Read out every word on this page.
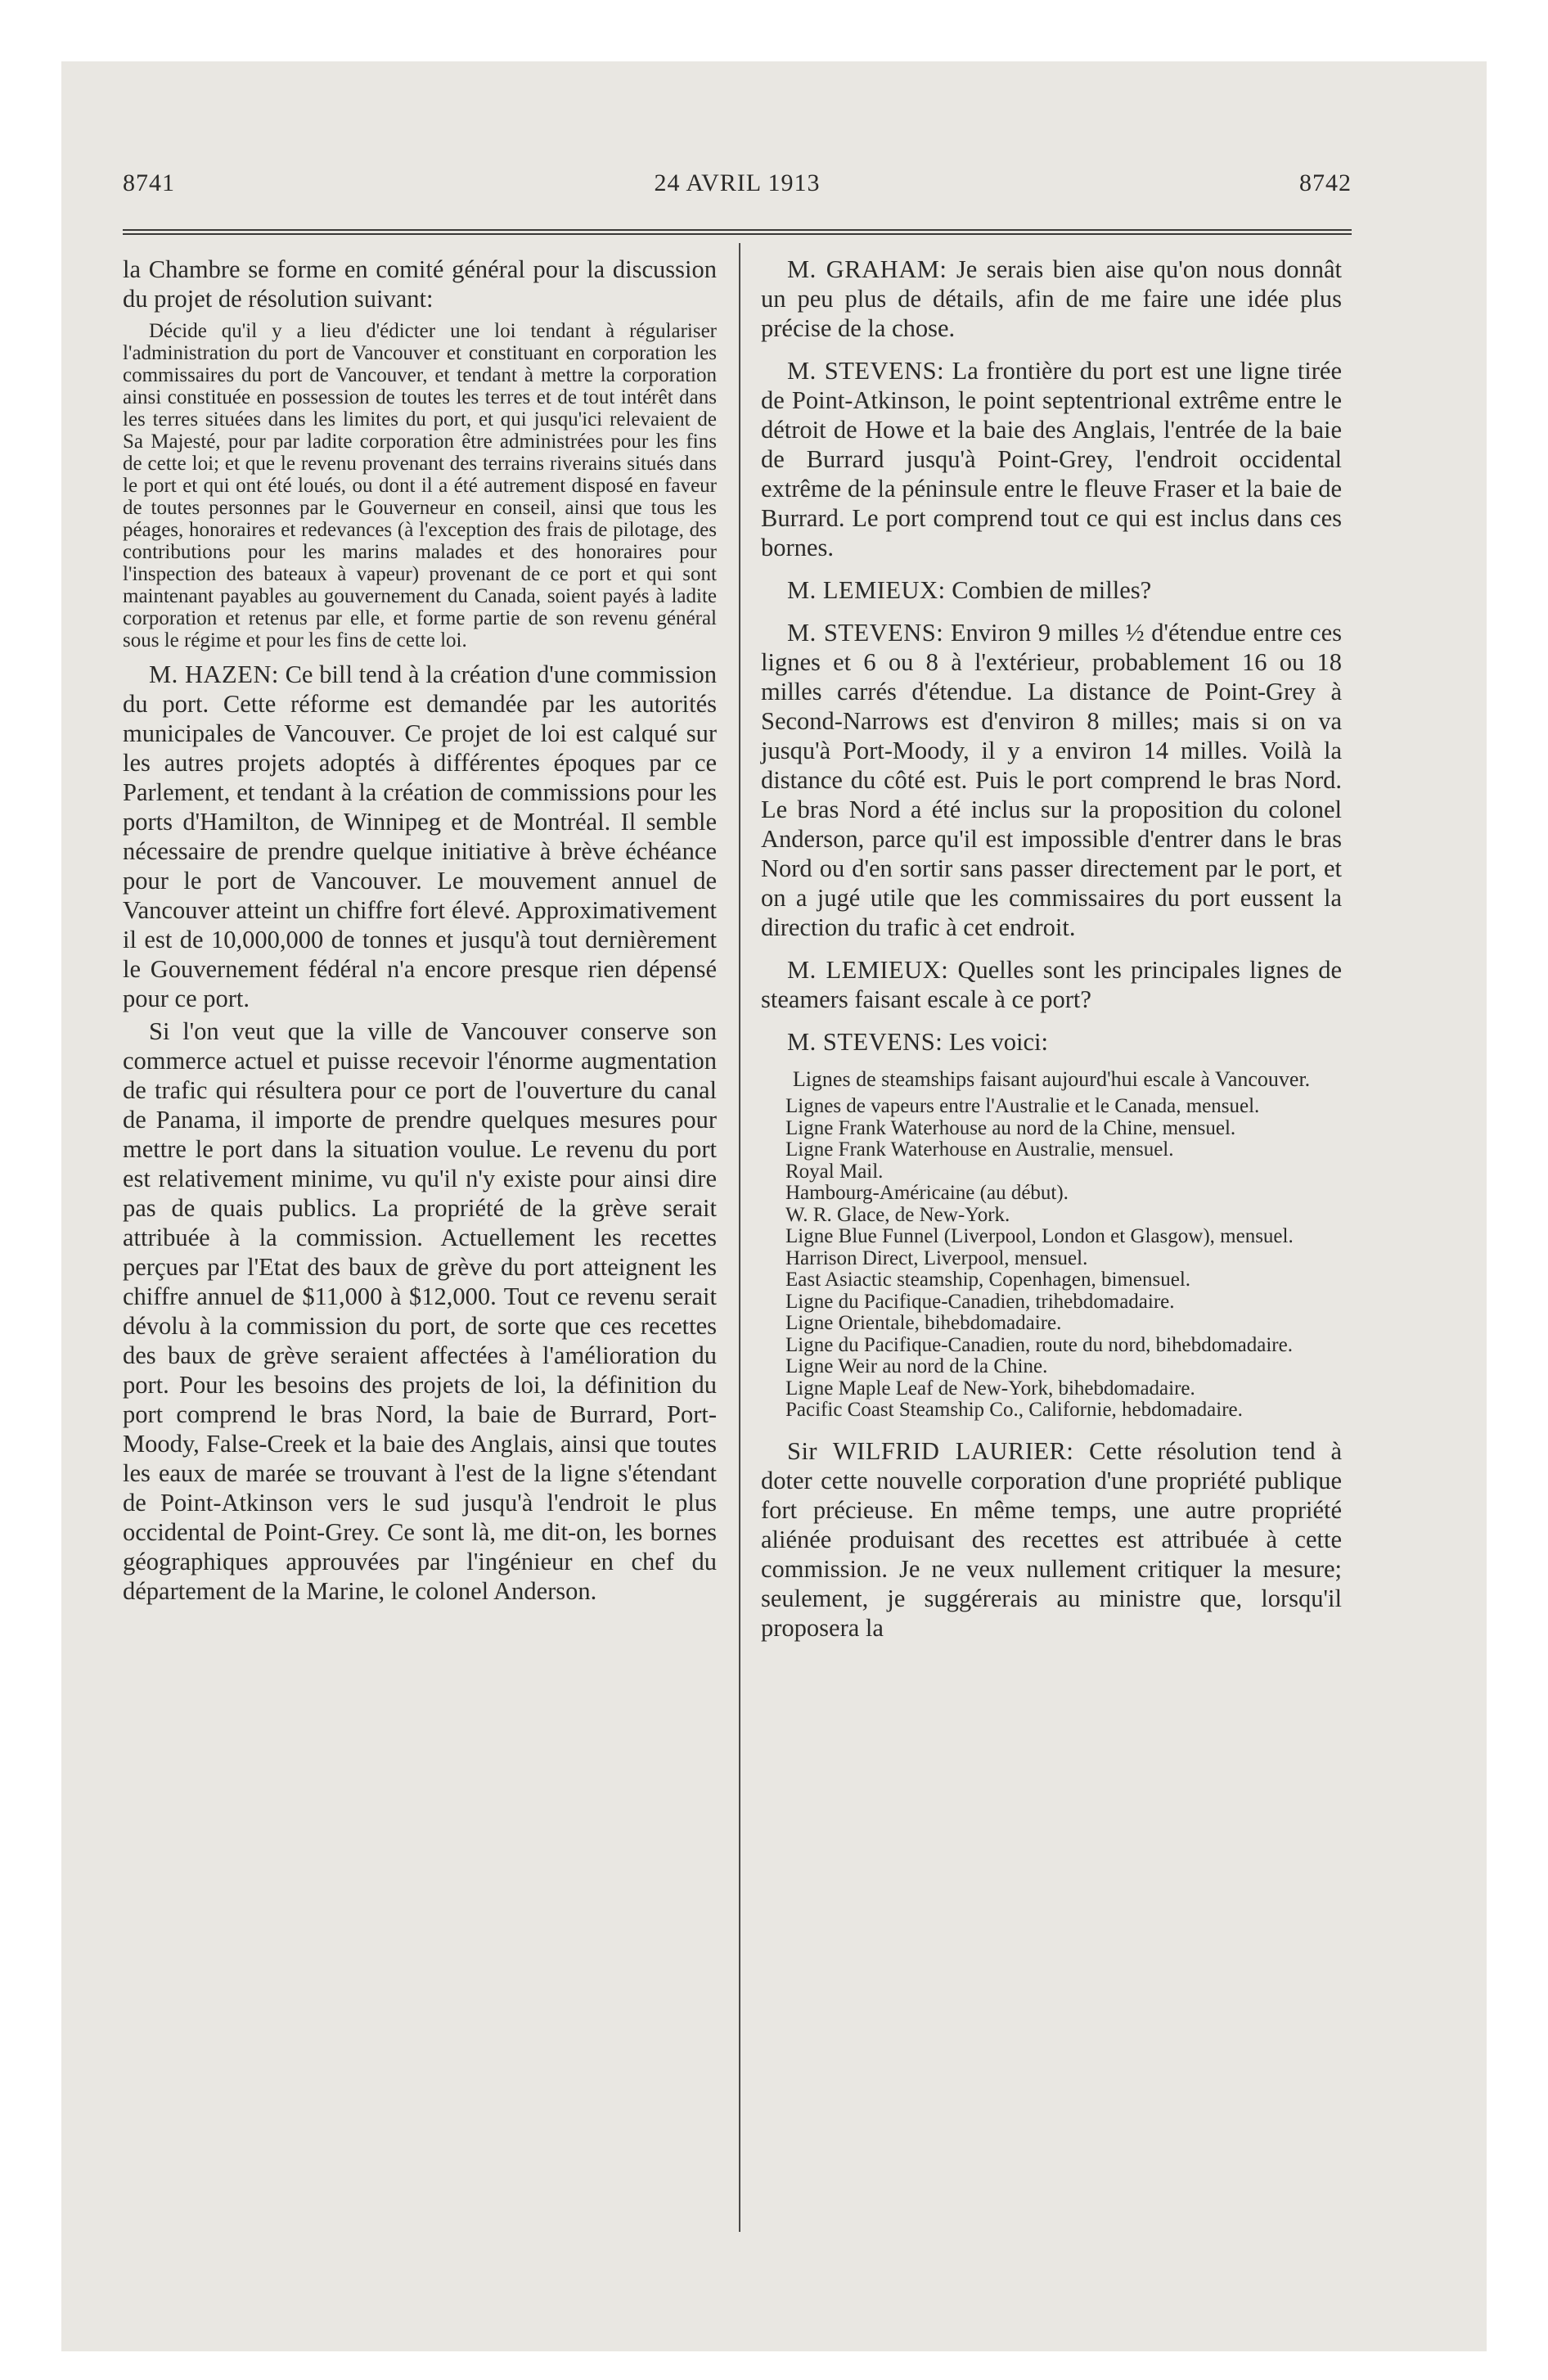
8741	24 AVRIL 1913	8742

la Chambre se forme en comité général pour la discussion du projet de résolution suivant:

Décide qu'il y a lieu d'édicter une loi tendant à régulariser l'administration du port de Vancouver et constituant en corporation les commissaires du port de Vancouver, et tendant à mettre la corporation ainsi constituée en possession de toutes les terres et de tout intérêt dans les terres situées dans les limites du port, et qui jusqu'ici relevaient de Sa Majesté, pour par ladite corporation être administrées pour les fins de cette loi; et que le revenu provenant des terrains riverains situés dans le port et qui ont été loués, ou dont il a été autrement disposé en faveur de toutes personnes par le Gouverneur en conseil, ainsi que tous les péages, honoraires et redevances (à l'exception des frais de pilotage, des contributions pour les marins malades et des honoraires pour l'inspection des bateaux à vapeur) provenant de ce port et qui sont maintenant payables au gouvernement du Canada, soient payés à ladite corporation et retenus par elle, et forme partie de son revenu général sous le régime et pour les fins de cette loi.

M. HAZEN: Ce bill tend à la création d'une commission du port. Cette réforme est demandée par les autorités municipales de Vancouver. Ce projet de loi est calqué sur les autres projets adoptés à différentes époques par ce Parlement, et tendant à la création de commissions pour les ports d'Hamilton, de Winnipeg et de Montréal. Il semble nécessaire de prendre quelque initiative à brève échéance pour le port de Vancouver. Le mouvement annuel de Vancouver atteint un chiffre fort élevé. Approximativement il est de 10,000,000 de tonnes et jusqu'à tout dernièrement le Gouvernement fédéral n'a encore presque rien dépensé pour ce port.

Si l'on veut que la ville de Vancouver conserve son commerce actuel et puisse recevoir l'énorme augmentation de trafic qui résultera pour ce port de l'ouverture du canal de Panama, il importe de prendre quelques mesures pour mettre le port dans la situation voulue. Le revenu du port est relativement minime, vu qu'il n'y existe pour ainsi dire pas de quais publics. La propriété de la grève serait attribuée à la commission. Actuellement les recettes perçues par l'Etat des baux de grève du port atteignent les chiffre annuel de $11,000 à $12,000. Tout ce revenu serait dévolu à la commission du port, de sorte que ces recettes des baux de grève seraient affectées à l'amélioration du port. Pour les besoins des projets de loi, la définition du port comprend le bras Nord, la baie de Burrard, Port-Moody, False-Creek et la baie des Anglais, ainsi que toutes les eaux de marée se trouvant à l'est de la ligne s'étendant de Point-Atkinson vers le sud jusqu'à l'endroit le plus occidental de Point-Grey. Ce sont là, me dit-on, les bornes géographiques approuvées par l'ingénieur en chef du département de la Marine, le colonel Anderson.

M. GRAHAM: Je serais bien aise qu'on nous donnât un peu plus de détails, afin de me faire une idée plus précise de la chose.

M. STEVENS: La frontière du port est une ligne tirée de Point-Atkinson, le point septentrional extrême entre le détroit de Howe et la baie des Anglais, l'entrée de la baie de Burrard jusqu'à Point-Grey, l'endroit occidental extrême de la péninsule entre le fleuve Fraser et la baie de Burrard. Le port comprend tout ce qui est inclus dans ces bornes.

M. LEMIEUX: Combien de milles?

M. STEVENS: Environ 9 milles ½ d'étendue entre ces lignes et 6 ou 8 à l'extérieur, probablement 16 ou 18 milles carrés d'étendue. La distance de Point-Grey à Second-Narrows est d'environ 8 milles; mais si on va jusqu'à Port-Moody, il y a environ 14 milles. Voilà la distance du côté est. Puis le port comprend le bras Nord. Le bras Nord a été inclus sur la proposition du colonel Anderson, parce qu'il est impossible d'entrer dans le bras Nord ou d'en sortir sans passer directement par le port, et on a jugé utile que les commissaires du port eussent la direction du trafic à cet endroit.

M. LEMIEUX: Quelles sont les principales lignes de steamers faisant escale à ce port?

M. STEVENS: Les voici:

Lignes de steamships faisant aujourd'hui escale à Vancouver.

Lignes de vapeurs entre l'Australie et le Canada, mensuel.
Ligne Frank Waterhouse au nord de la Chine, mensuel.
Ligne Frank Waterhouse en Australie, mensuel.
Royal Mail.
Hambourg-Américaine (au début).
W. R. Glace, de New-York.
Ligne Blue Funnel (Liverpool, London et Glasgow), mensuel.
Harrison Direct, Liverpool, mensuel.
East Asiactic steamship, Copenhagen, bimensuel.
Ligne du Pacifique-Canadien, trihebdomadaire.
Ligne Orientale, bihebdomadaire.
Ligne du Pacifique-Canadien, route du nord, bihebdomadaire.
Ligne Weir au nord de la Chine.
Ligne Maple Leaf de New-York, bihebdomadaire.
Pacific Coast Steamship Co., Californie, hebdomadaire.

Sir WILFRID LAURIER: Cette résolution tend à doter cette nouvelle corporation d'une propriété publique fort précieuse. En même temps, une autre propriété aliénée produisant des recettes est attribuée à cette commission. Je ne veux nullement critiquer la mesure; seulement, je suggérerais au ministre que, lorsqu'il proposera la
